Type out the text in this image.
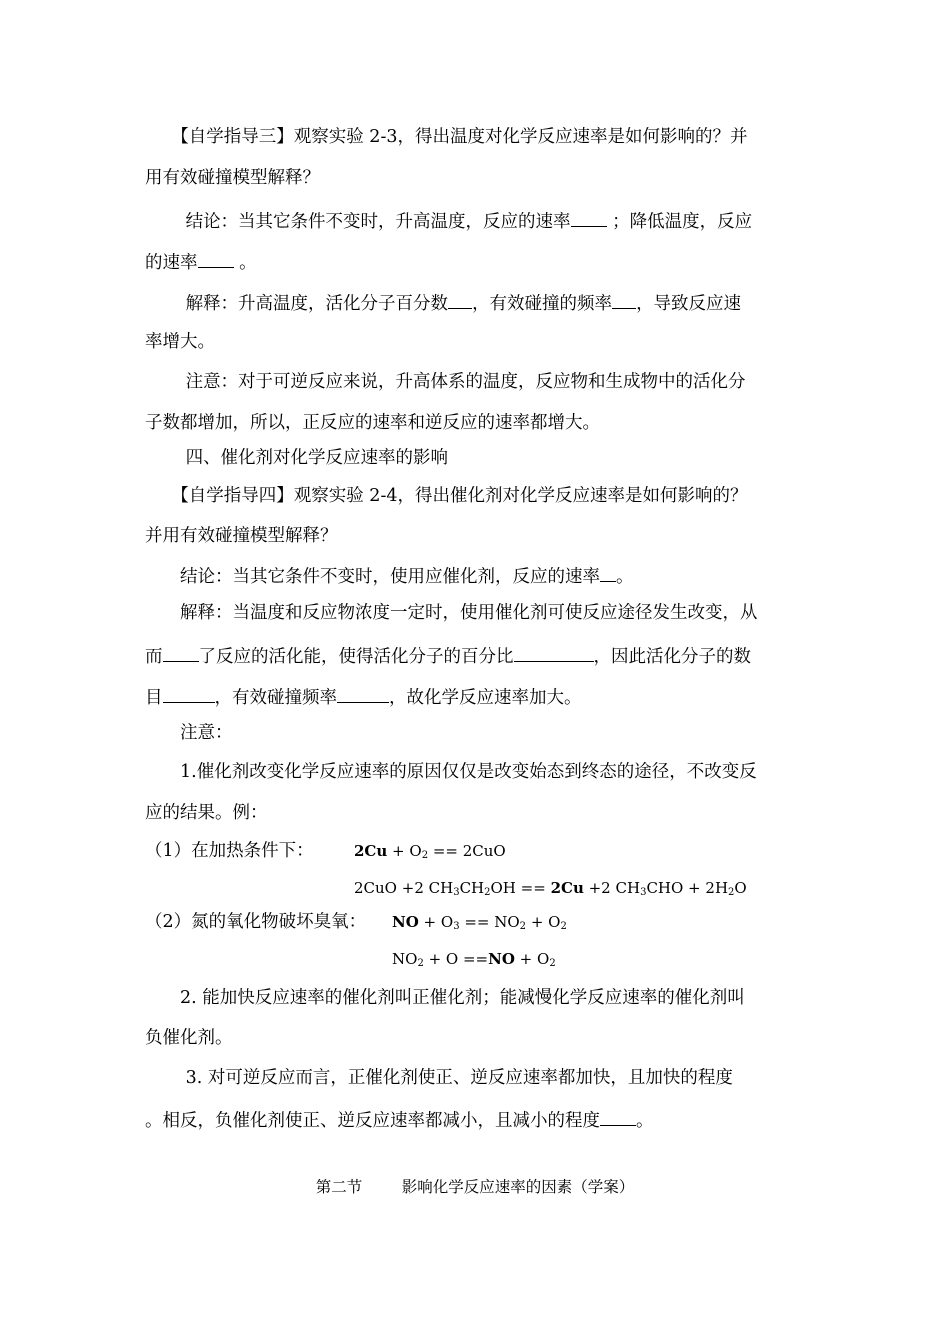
　　【自学指导三】观察实验 2-3，得出温度对化学反应速率是如何影响的？并

用有效碰撞模型解释？

　　 结论：当其它条件不变时，升高温度，反应的速率 ；降低温度，反应

的速率 。

　　 解释：升高温度，活化分子百分数 ，有效碰撞的频率 ，导致反应速

率增大。

　　 注意：对于可逆反应来说，升高体系的温度，反应物和生成物中的活化分

子数都增加，所以，正反应的速率和逆反应的速率都增大。

　　 四、催化剂对化学反应速率的影响

　　【自学指导四】观察实验 2-4，得出催化剂对化学反应速率是如何影响的？

并用有效碰撞模型解释？

　　结论：当其它条件不变时，使用应催化剂，反应的速率 。

　　解释：当温度和反应物浓度一定时，使用催化剂可使反应途径发生改变，从

而 了反应的活化能，使得活化分子的百分比	，因此活化分子的数

目	，有效碰撞频率	，故化学反应速率加大。

　　注意：

　　1.催化剂改变化学反应速率的原因仅仅是改变始态到终态的途径，不改变反

应的结果。例：

（1）在加热条件下：	$2Cu + O_2 == 2CuO$

2CuO +2 $CH_3CH_2OH == 2Cu +2$ $CH_3CHO + 2H_2O$

（2）氮的氧化物破坏臭氧： NO + $O_3 == NO_2 + O_2$

$NO_2 + O ==NO + O_2$

　　2. 能加快反应速率的催化剂叫正催化剂；能减慢化学反应速率的催化剂叫

负催化剂。

　　 3. 对可逆反应而言，正催化剂使正、逆反应速率都加快，且加快的程度

。相反，负催化剂使正、逆反应速率都减小，且减小的程度 。

第二节	影响化学反应速率的因素（学案）
